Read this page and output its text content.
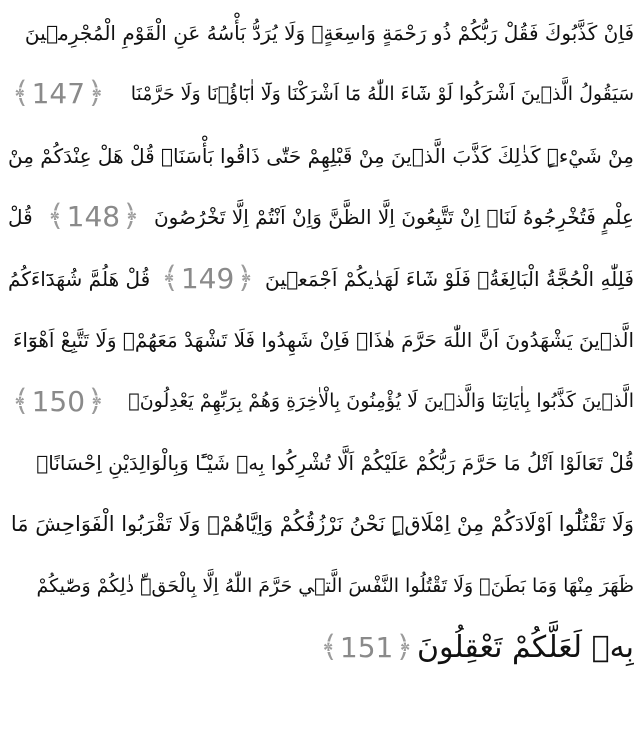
فَاِنْ كَذَّبُوكَ فَقُلْ رَبُّكُمْ ذُو رَحْمَةٍ وَاسِعَةٍۚ وَلَا يُرَدُّ بَأْسُهُ عَنِ الْقَوْمِ الْمُجْرِم۪ينَ
سَيَقُولُ الَّذ۪ينَ اَشْرَكُوا لَوْ شَٓاءَ اللّٰهُ مَٓا اَشْرَكْنَا وَلَٓا اٰبَٓاؤُ۬نَا وَلَا حَرَّمْنَا
﴾ 147 ﴿
مِنْ شَيْءٍۜ كَذٰلِكَ كَذَّبَ الَّذ۪ينَ مِنْ قَبْلِهِمْ حَتّٰى ذَاقُوا بَأْسَنَاۜ قُلْ هَلْ عِنْدَكُمْ مِنْ
عِلْمٍ فَتُخْرِجُوهُ لَنَاۜ اِنْ تَتَّبِعُونَ اِلَّا الظَّنَّ وَاِنْ اَنْتُمْ اِلَّا تَخْرُصُونَ
﴾ 148 ﴿
قُلْ
فَلِلّٰهِ الْحُجَّةُ الْبَالِغَةُۚ فَلَوْ شَٓاءَ لَهَدٰيكُمْ اَجْمَع۪ينَ
﴾ 149 ﴿
قُلْ هَلُمَّ شُهَدَٓاءَكُمُ
الَّذ۪ينَ يَشْهَدُونَ اَنَّ اللّٰهَ حَرَّمَ هٰذَاۚ فَاِنْ شَهِدُوا فَلَا تَشْهَدْ مَعَهُمْۚ وَلَا تَتَّبِعْ اَهْوَٓاءَ
الَّذ۪ينَ كَذَّبُوا بِاٰيَاتِنَا وَالَّذ۪ينَ لَا يُؤْمِنُونَ بِالْاٰخِرَةِ وَهُمْ بِرَبِّهِمْ يَعْدِلُونَ۟
﴾ 150 ﴿
قُلْ تَعَالَوْا اَتْلُ مَا حَرَّمَ رَبُّكُمْ عَلَيْكُمْ اَلَّا تُشْرِكُوا بِه۪ شَيْـًٔا وَبِالْوَالِدَيْنِ اِحْسَانًاۚ
وَلَا تَقْتُلُٓوا اَوْلَادَكُمْ مِنْ اِمْلَاقٍۜ نَحْنُ نَرْزُقُكُمْ وَاِيَّاهُمْۚ وَلَا تَقْرَبُوا الْفَوَاحِشَ مَا
ظَهَرَ مِنْهَا وَمَا بَطَنَۚ وَلَا تَقْتُلُوا النَّفْسَ الَّت۪ي حَرَّمَ اللّٰهُ اِلَّا بِالْحَقِّۜ ذٰلِكُمْ وَصّٰيكُمْ
بِه۪ لَعَلَّكُمْ تَعْقِلُونَ
﴾ 151 ﴿
